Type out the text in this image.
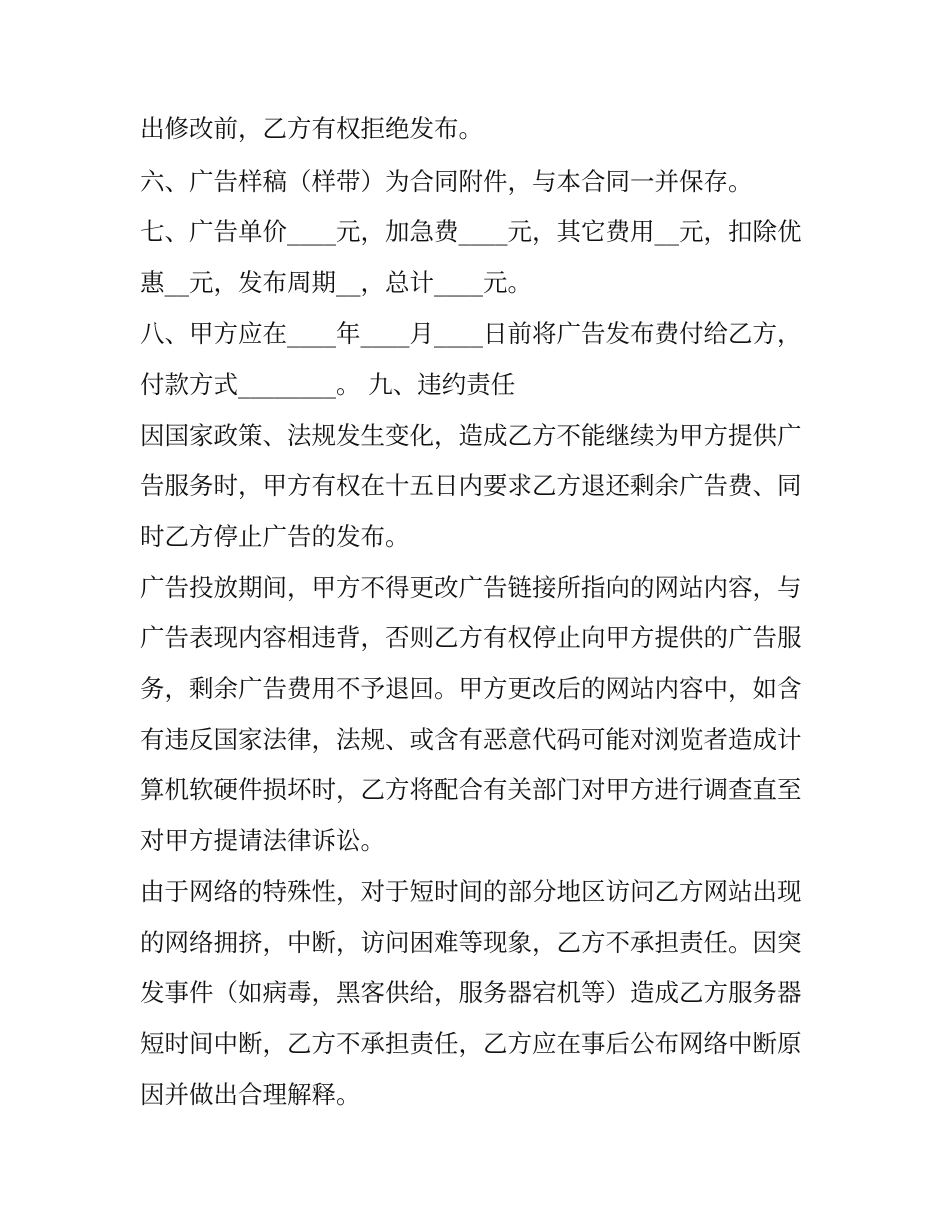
出修改前，乙方有权拒绝发布。
六、广告样稿（样带）为合同附件，与本合同一并保存。
七、广告单价____元，加急费____元，其它费用__元，扣除优
惠__元，发布周期__，总计____元。
八、甲方应在____年____月____日前将广告发布费付给乙方，
付款方式________。 九、违约责任
因国家政策、法规发生变化，造成乙方不能继续为甲方提供广
告服务时，甲方有权在十五日内要求乙方退还剩余广告费、同
时乙方停止广告的发布。
广告投放期间，甲方不得更改广告链接所指向的网站内容，与
广告表现内容相违背，否则乙方有权停止向甲方提供的广告服
务，剩余广告费用不予退回。甲方更改后的网站内容中，如含
有违反国家法律，法规、或含有恶意代码可能对浏览者造成计
算机软硬件损坏时，乙方将配合有关部门对甲方进行调查直至
对甲方提请法律诉讼。
由于网络的特殊性，对于短时间的部分地区访问乙方网站出现
的网络拥挤，中断，访问困难等现象，乙方不承担责任。因突
发事件（如病毒，黑客供给，服务器宕机等）造成乙方服务器
短时间中断，乙方不承担责任，乙方应在事后公布网络中断原
因并做出合理解释。
